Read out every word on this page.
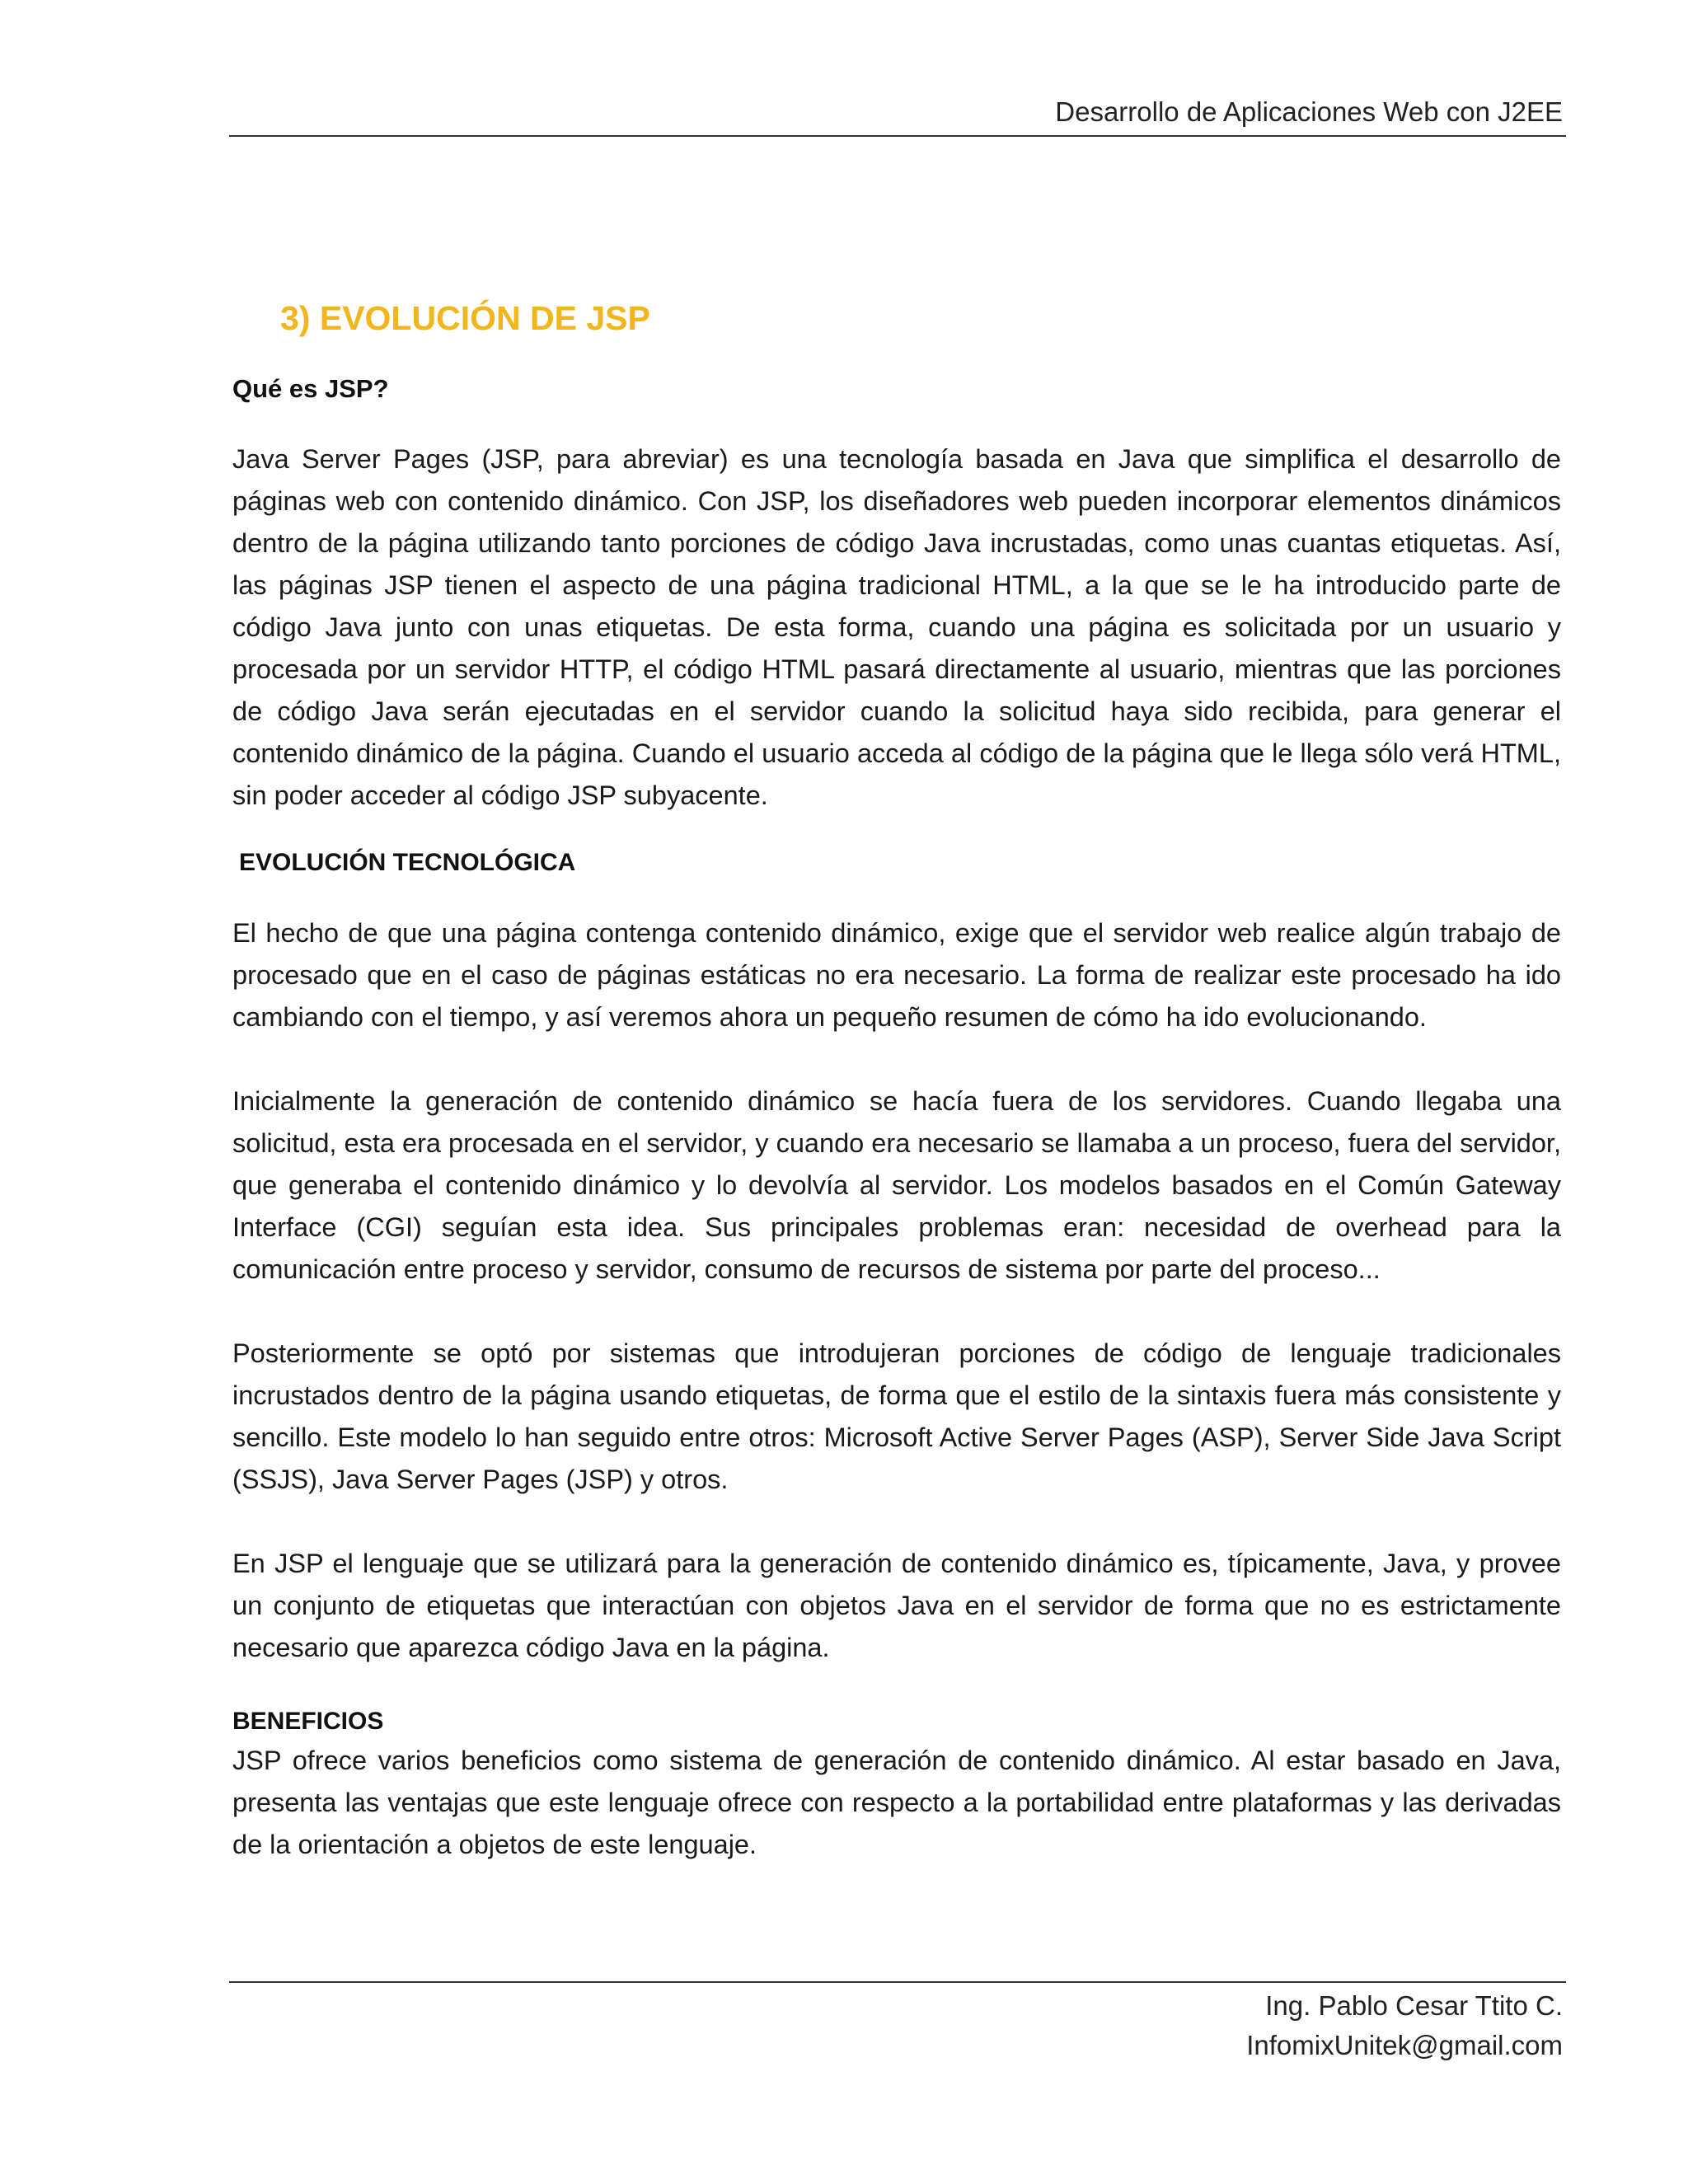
Desarrollo de Aplicaciones Web con J2EE
3) EVOLUCIÓN DE JSP
Qué es JSP?

Java Server Pages (JSP, para abreviar) es una tecnología basada en Java que simplifica el desarrollo de páginas web con contenido dinámico. Con JSP, los diseñadores web pueden incorporar elementos dinámicos dentro de la página utilizando tanto porciones de código Java incrustadas, como unas cuantas etiquetas. Así, las páginas JSP tienen el aspecto de una página tradicional HTML, a la que se le ha introducido parte de código Java junto con unas etiquetas. De esta forma, cuando una página es solicitada por un usuario y procesada por un servidor HTTP, el código HTML pasará directamente al usuario, mientras que las porciones de código Java serán ejecutadas en el servidor cuando la solicitud haya sido recibida, para generar el contenido dinámico de la página. Cuando el usuario acceda al código de la página que le llega sólo verá HTML, sin poder acceder al código JSP subyacente.

EVOLUCIÓN TECNOLÓGICA

El hecho de que una página contenga contenido dinámico, exige que el servidor web realice algún trabajo de procesado que en el caso de páginas estáticas no era necesario. La forma de realizar este procesado ha ido cambiando con el tiempo, y así veremos ahora un pequeño resumen de cómo ha ido evolucionando.

Inicialmente la generación de contenido dinámico se hacía fuera de los servidores. Cuando llegaba una solicitud, esta era procesada en el servidor, y cuando era necesario se llamaba a un proceso, fuera del servidor, que generaba el contenido dinámico y lo devolvía al servidor. Los modelos basados en el Común Gateway Interface (CGI) seguían esta idea. Sus principales problemas eran: necesidad de overhead para la comunicación entre proceso y servidor, consumo de recursos de sistema por parte del proceso...

Posteriormente se optó por sistemas que introdujeran porciones de código de lenguaje tradicionales incrustados dentro de la página usando etiquetas, de forma que el estilo de la sintaxis fuera más consistente y sencillo. Este modelo lo han seguido entre otros: Microsoft Active Server Pages (ASP), Server Side Java Script (SSJS), Java Server Pages (JSP) y otros.

En JSP el lenguaje que se utilizará para la generación de contenido dinámico es, típicamente, Java, y provee un conjunto de etiquetas que interactúan con objetos Java en el servidor de forma que no es estrictamente necesario que aparezca código Java en la página.

BENEFICIOS

JSP ofrece varios beneficios como sistema de generación de contenido dinámico. Al estar basado en Java, presenta las ventajas que este lenguaje ofrece con respecto a la portabilidad entre plataformas y las derivadas de la orientación a objetos de este lenguaje.

Ing. Pablo Cesar Ttito C.
InfomixUnitek@gmail.com
